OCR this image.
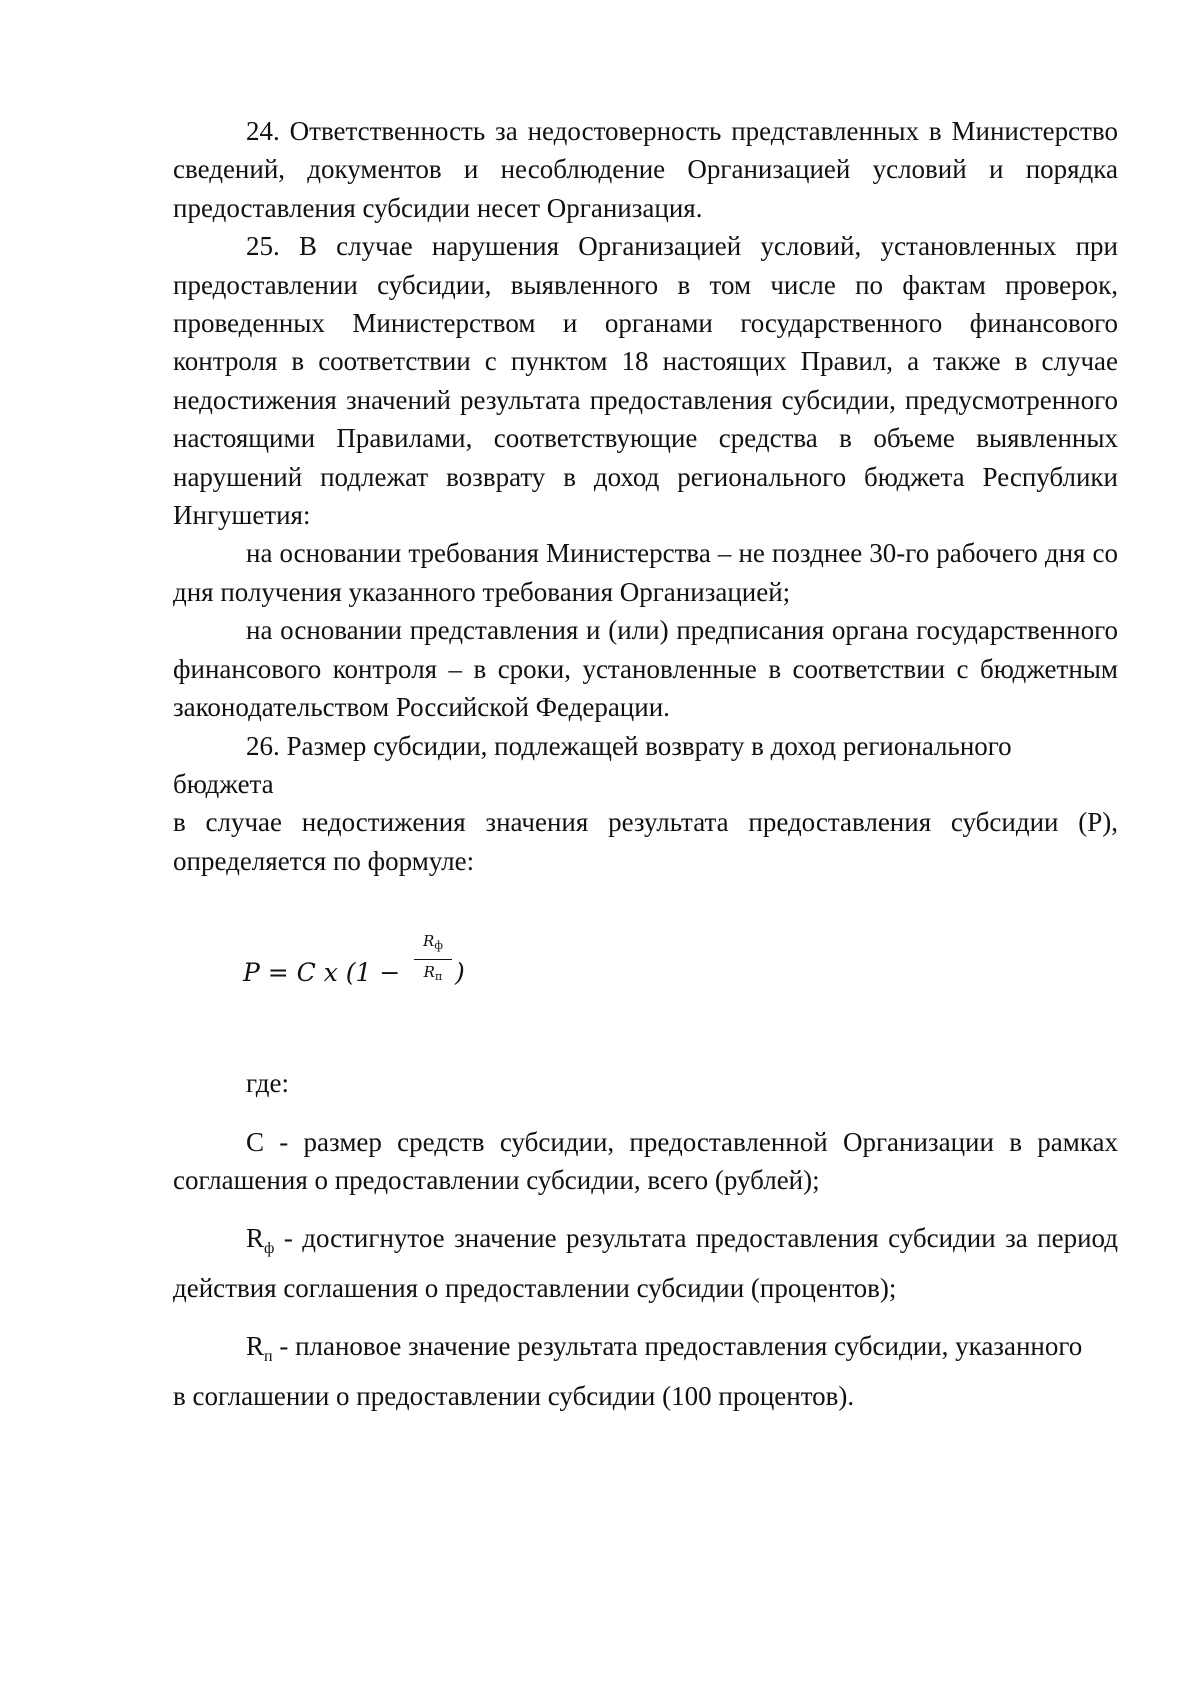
24. Ответственность за недостоверность представленных в Министерство сведений, документов и несоблюдение Организацией условий и порядка предоставления субсидии несет Организация.

25. В случае нарушения Организацией условий, установленных при предоставлении субсидии, выявленного в том числе по фактам проверок, проведенных Министерством и органами государственного финансового контроля в соответствии с пунктом 18 настоящих Правил, а также в случае недостижения значений результата предоставления субсидии, предусмотренного настоящими Правилами, соответствующие средства в объеме выявленных нарушений подлежат возврату в доход регионального бюджета Республики Ингушетия:

на основании требования Министерства – не позднее 30-го рабочего дня со дня получения указанного требования Организацией;

на основании представления и (или) предписания органа государственного финансового контроля – в сроки, установленные в соответствии с бюджетным законодательством Российской Федерации.

26. Размер субсидии, подлежащей возврату в доход регионального бюджета

в случае недостижения значения результата предоставления субсидии (Р), определяется по формуле:

P = C x (1 −
$R_ф$
$R_п$ )

где:

С - размер средств субсидии, предоставленной Организации в рамках соглашения о предоставлении субсидии, всего (рублей);

$R_ф$ - достигнутое значение результата предоставления субсидии за период действия соглашения о предоставлении субсидии (процентов);

$R_п$ - плановое значение результата предоставления субсидии, указанного

в соглашении о предоставлении субсидии (100 процентов).
